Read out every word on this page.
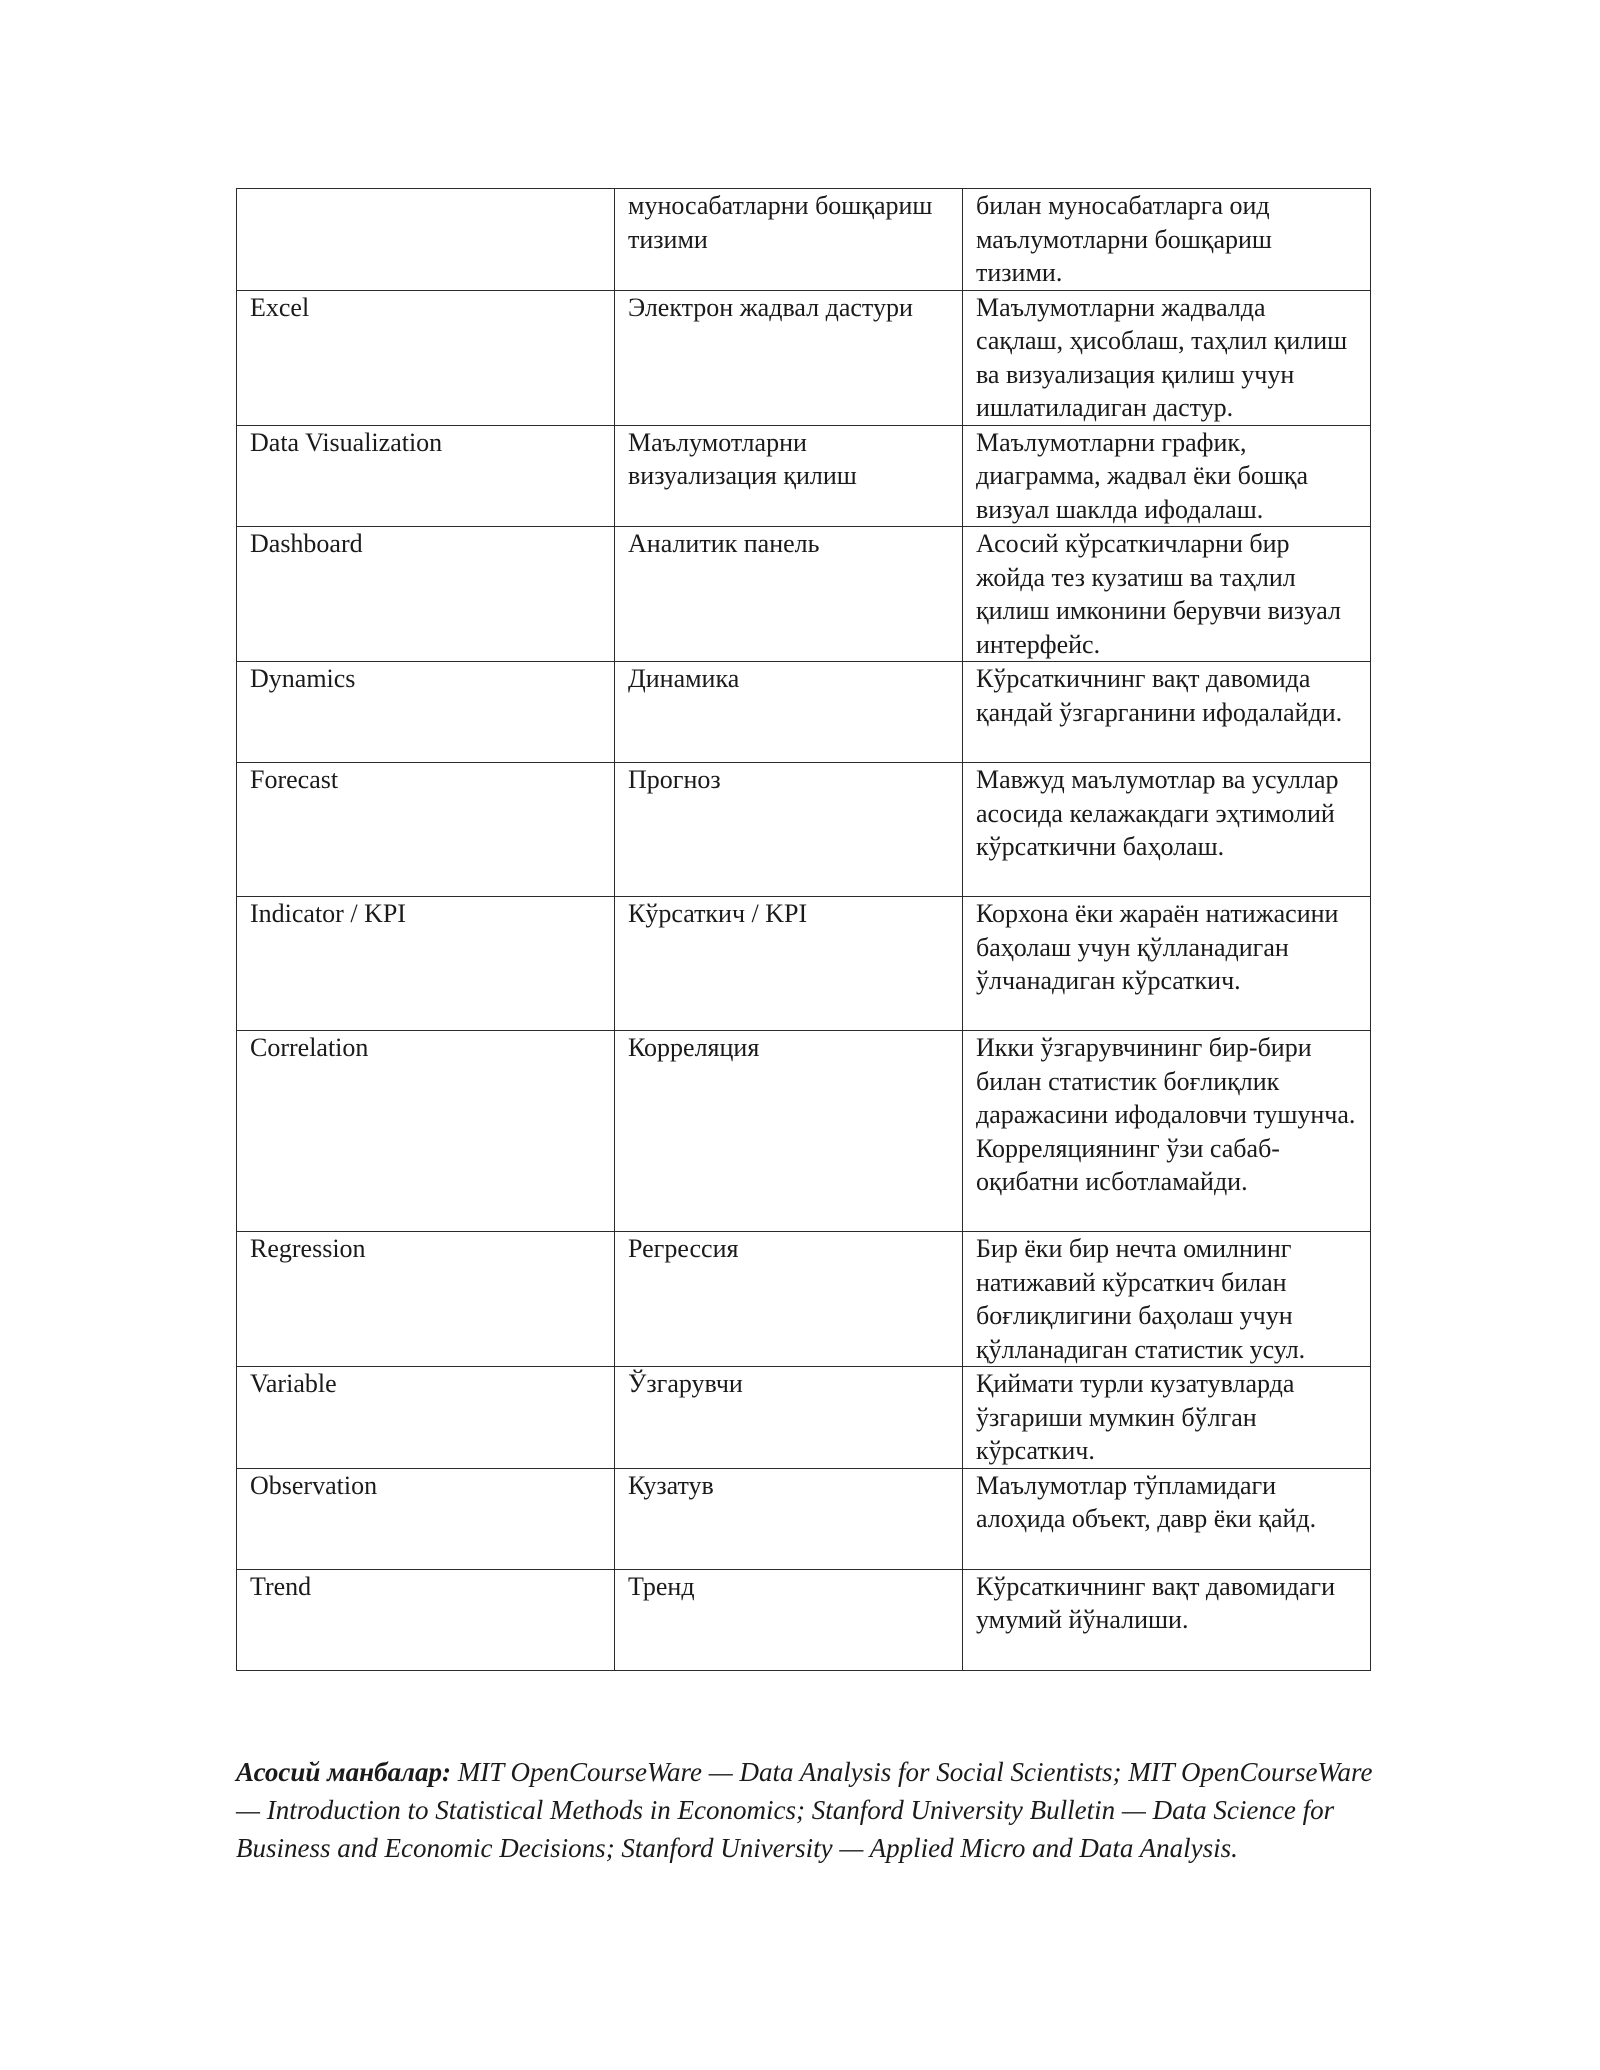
	муносабатларни бошқариш тизими	билан муносабатларга оид маълумотларни бошқариш тизими.
Excel	Электрон жадвал дастури	Маълумотларни жадвалда сақлаш, ҳисоблаш, таҳлил қилиш ва визуализация қилиш учун ишлатиладиган дастур.
Data Visualization	Маълумотларни визуализация қилиш	Маълумотларни график, диаграмма, жадвал ёки бошқа визуал шаклда ифодалаш.
Dashboard	Аналитик панель	Асосий кўрсаткичларни бир жойда тез кузатиш ва таҳлил қилиш имконини берувчи визуал интерфейс.
Dynamics	Динамика	Кўрсаткичнинг вақт давомида қандай ўзгарганини ифодалайди.
Forecast	Прогноз	Мавжуд маълумотлар ва усуллар асосида келажакдаги эҳтимолий кўрсаткични баҳолаш.
Indicator / KPI	Кўрсаткич / KPI	Корхона ёки жараён натижасини баҳолаш учун қўлланадиган ўлчанадиган кўрсаткич.
Correlation	Корреляция	Икки ўзгарувчининг бир-бири билан статистик боғлиқлик даражасини ифодаловчи тушунча. Корреляциянинг ўзи сабаб-оқибатни исботламайди.
Regression	Регрессия	Бир ёки бир нечта омилнинг натижавий кўрсаткич билан боғлиқлигини баҳолаш учун қўлланадиган статистик усул.
Variable	Ўзгарувчи	Қиймати турли кузатувларда ўзгариши мумкин бўлган кўрсаткич.
Observation	Кузатув	Маълумотлар тўпламидаги алоҳида объект, давр ёки қайд.
Trend	Тренд	Кўрсаткичнинг вақт давомидаги умумий йўналиши.

Асосий манбалар: MIT OpenCourseWare — Data Analysis for Social Scientists; MIT OpenCourseWare — Introduction to Statistical Methods in Economics; Stanford University Bulletin — Data Science for Business and Economic Decisions; Stanford University — Applied Micro and Data Analysis.
